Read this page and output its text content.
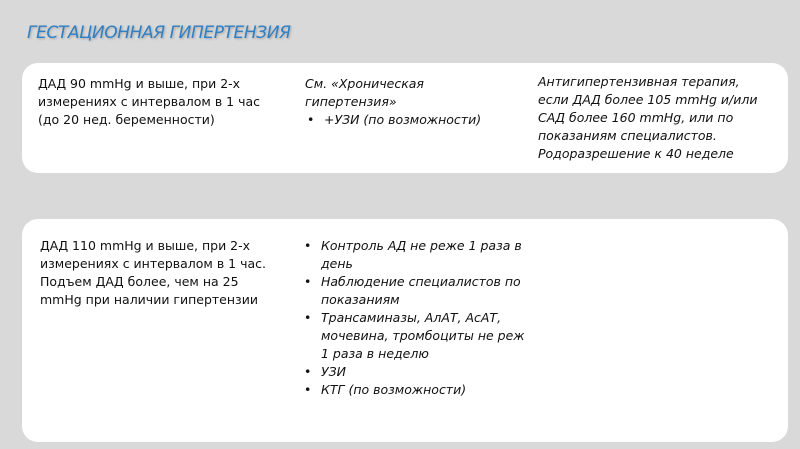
ГЕСТАЦИОННАЯ ГИПЕРТЕНЗИЯ

ДАД 90 mmHg и выше, при 2-х измерениях с интервалом в 1 час (до 20 нед. беременности)

См. «Хроническая гипертензия»

• +УЗИ (по возможности)

Антигипертензивная терапия, если ДАД более 105 mmHg и/или САД более 160 mmHg, или по показаниям специалистов. Родоразрешение к 40 неделе

ДАД 110 mmHg и выше, при 2-х измерениях с интервалом в 1 час. Подъем ДАД более, чем на 25 mmHg при наличии гипертензии

• Контроль АД не реже 1 раза в день
• Наблюдение специалистов по показаниям
• Трансаминазы, АлАТ, АсАТ, мочевина, тромбоциты не реж 1 раза в неделю
• УЗИ
• КТГ (по возможности)
